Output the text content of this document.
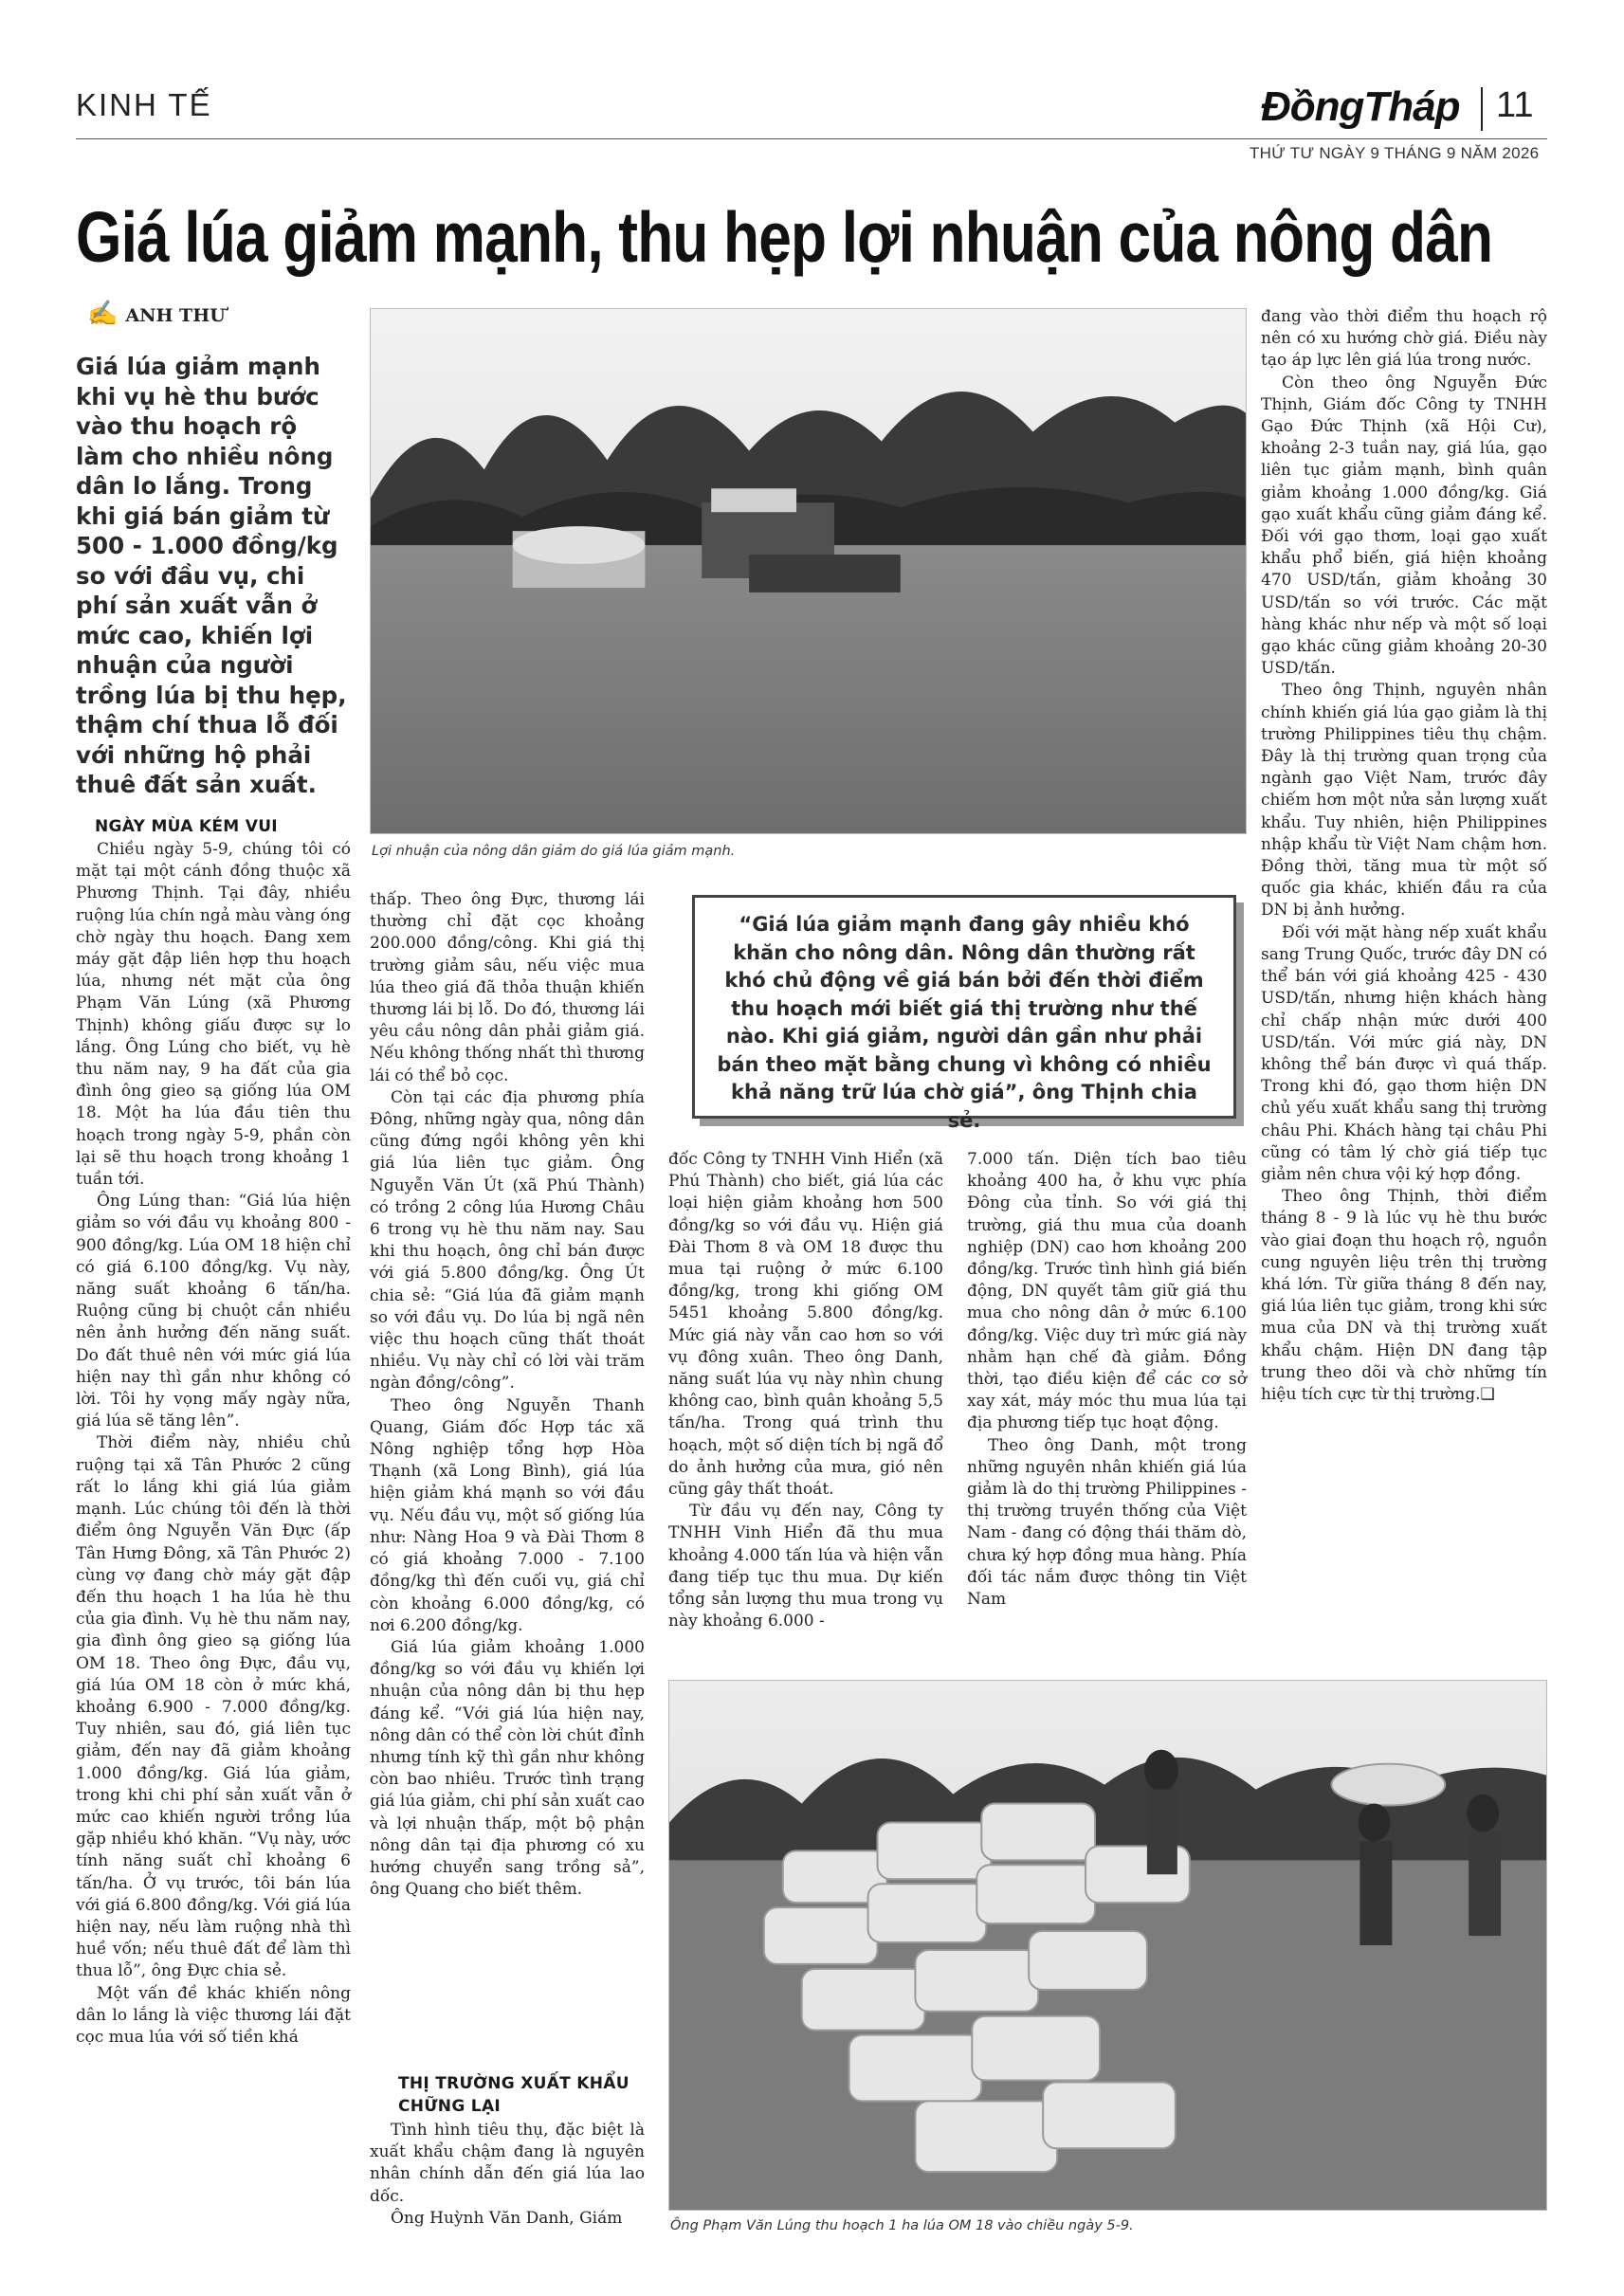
KINH TẾ	ĐồngTháp 11
THỨ TƯ NGÀY 9 THÁNG 9 NĂM 2026
Giá lúa giảm mạnh, thu hẹp lợi nhuận của nông dân
✍ ANH THƯ
Giá lúa giảm mạnh khi vụ hè thu bước vào thu hoạch rộ làm cho nhiều nông dân lo lắng. Trong khi giá bán giảm từ 500 - 1.000 đồng/kg so với đầu vụ, chi phí sản xuất vẫn ở mức cao, khiến lợi nhuận của người trồng lúa bị thu hẹp, thậm chí thua lỗ đối với những hộ phải thuê đất sản xuất.
NGÀY MÙA KÉM VUI

Chiều ngày 5-9, chúng tôi có mặt tại một cánh đồng thuộc xã Phương Thịnh. Tại đây, nhiều ruộng lúa chín ngả màu vàng óng chờ ngày thu hoạch. Đang xem máy gặt đập liên hợp thu hoạch lúa, nhưng nét mặt của ông Phạm Văn Lúng (xã Phương Thịnh) không giấu được sự lo lắng. Ông Lúng cho biết, vụ hè thu năm nay, 9 ha đất của gia đình ông gieo sạ giống lúa OM 18. Một ha lúa đầu tiên thu hoạch trong ngày 5-9, phần còn lại sẽ thu hoạch trong khoảng 1 tuần tới.

Ông Lúng than: “Giá lúa hiện giảm so với đầu vụ khoảng 800 - 900 đồng/kg. Lúa OM 18 hiện chỉ có giá 6.100 đồng/kg. Vụ này, năng suất khoảng 6 tấn/ha. Ruộng cũng bị chuột cắn nhiều nên ảnh hưởng đến năng suất. Do đất thuê nên với mức giá lúa hiện nay thì gần như không có lời. Tôi hy vọng mấy ngày nữa, giá lúa sẽ tăng lên”.

Thời điểm này, nhiều chủ ruộng tại xã Tân Phước 2 cũng rất lo lắng khi giá lúa giảm mạnh. Lúc chúng tôi đến là thời điểm ông Nguyễn Văn Đực (ấp Tân Hưng Đông, xã Tân Phước 2) cùng vợ đang chờ máy gặt đập đến thu hoạch 1 ha lúa hè thu của gia đình. Vụ hè thu năm nay, gia đình ông gieo sạ giống lúa OM 18. Theo ông Đực, đầu vụ, giá lúa OM 18 còn ở mức khá, khoảng 6.900 - 7.000 đồng/kg. Tuy nhiên, sau đó, giá liên tục giảm, đến nay đã giảm khoảng 1.000 đồng/kg. Giá lúa giảm, trong khi chi phí sản xuất vẫn ở mức cao khiến người trồng lúa gặp nhiều khó khăn. “Vụ này, ước tính năng suất chỉ khoảng 6 tấn/ha. Ở vụ trước, tôi bán lúa với giá 6.800 đồng/kg. Với giá lúa hiện nay, nếu làm ruộng nhà thì huề vốn; nếu thuê đất để làm thì thua lỗ”, ông Đực chia sẻ.

Một vấn đề khác khiến nông dân lo lắng là việc thương lái đặt cọc mua lúa với số tiền khá

Lợi nhuận của nông dân giảm do giá lúa giảm mạnh.

thấp. Theo ông Đực, thương lái thường chỉ đặt cọc khoảng 200.000 đồng/công. Khi giá thị trường giảm sâu, nếu việc mua lúa theo giá đã thỏa thuận khiến thương lái bị lỗ. Do đó, thương lái yêu cầu nông dân phải giảm giá. Nếu không thống nhất thì thương lái có thể bỏ cọc.

Còn tại các địa phương phía Đông, những ngày qua, nông dân cũng đứng ngồi không yên khi giá lúa liên tục giảm. Ông Nguyễn Văn Út (xã Phú Thành) có trồng 2 công lúa Hương Châu 6 trong vụ hè thu năm nay. Sau khi thu hoạch, ông chỉ bán được với giá 5.800 đồng/kg. Ông Út chia sẻ: “Giá lúa đã giảm mạnh so với đầu vụ. Do lúa bị ngã nên việc thu hoạch cũng thất thoát nhiều. Vụ này chỉ có lời vài trăm ngàn đồng/công”.

Theo ông Nguyễn Thanh Quang, Giám đốc Hợp tác xã Nông nghiệp tổng hợp Hòa Thạnh (xã Long Bình), giá lúa hiện giảm khá mạnh so với đầu vụ. Nếu đầu vụ, một số giống lúa như: Nàng Hoa 9 và Đài Thơm 8 có giá khoảng 7.000 - 7.100 đồng/kg thì đến cuối vụ, giá chỉ còn khoảng 6.000 đồng/kg, có nơi 6.200 đồng/kg.

Giá lúa giảm khoảng 1.000 đồng/kg so với đầu vụ khiến lợi nhuận của nông dân bị thu hẹp đáng kể. “Với giá lúa hiện nay, nông dân có thể còn lời chút đỉnh nhưng tính kỹ thì gần như không còn bao nhiêu. Trước tình trạng giá lúa giảm, chi phí sản xuất cao và lợi nhuận thấp, một bộ phận nông dân tại địa phương có xu hướng chuyển sang trồng sả”, ông Quang cho biết thêm.

THỊ TRƯỜNG XUẤT KHẨU CHỮNG LẠI

Tình hình tiêu thụ, đặc biệt là xuất khẩu chậm đang là nguyên nhân chính dẫn đến giá lúa lao dốc.

Ông Huỳnh Văn Danh, Giám

“Giá lúa giảm mạnh đang gây nhiều khó khăn cho nông dân. Nông dân thường rất khó chủ động về giá bán bởi đến thời điểm thu hoạch mới biết giá thị trường như thế nào. Khi giá giảm, người dân gần như phải bán theo mặt bằng chung vì không có nhiều khả năng trữ lúa chờ giá”, ông Thịnh chia sẻ.

đốc Công ty TNHH Vinh Hiển (xã Phú Thành) cho biết, giá lúa các loại hiện giảm khoảng hơn 500 đồng/kg so với đầu vụ. Hiện giá Đài Thơm 8 và OM 18 được thu mua tại ruộng ở mức 6.100 đồng/kg, trong khi giống OM 5451 khoảng 5.800 đồng/kg. Mức giá này vẫn cao hơn so với vụ đông xuân. Theo ông Danh, năng suất lúa vụ này nhìn chung không cao, bình quân khoảng 5,5 tấn/ha. Trong quá trình thu hoạch, một số diện tích bị ngã đổ do ảnh hưởng của mưa, gió nên cũng gây thất thoát.

Từ đầu vụ đến nay, Công ty TNHH Vinh Hiển đã thu mua khoảng 4.000 tấn lúa và hiện vẫn đang tiếp tục thu mua. Dự kiến tổng sản lượng thu mua trong vụ này khoảng 6.000 -

7.000 tấn. Diện tích bao tiêu khoảng 400 ha, ở khu vực phía Đông của tỉnh. So với giá thị trường, giá thu mua của doanh nghiệp (DN) cao hơn khoảng 200 đồng/kg. Trước tình hình giá biến động, DN quyết tâm giữ giá thu mua cho nông dân ở mức 6.100 đồng/kg. Việc duy trì mức giá này nhằm hạn chế đà giảm. Đồng thời, tạo điều kiện để các cơ sở xay xát, máy móc thu mua lúa tại địa phương tiếp tục hoạt động.

Theo ông Danh, một trong những nguyên nhân khiến giá lúa giảm là do thị trường Philippines - thị trường truyền thống của Việt Nam - đang có động thái thăm dò, chưa ký hợp đồng mua hàng. Phía đối tác nắm được thông tin Việt Nam

đang vào thời điểm thu hoạch rộ nên có xu hướng chờ giá. Điều này tạo áp lực lên giá lúa trong nước.

Còn theo ông Nguyễn Đức Thịnh, Giám đốc Công ty TNHH Gạo Đức Thịnh (xã Hội Cư), khoảng 2-3 tuần nay, giá lúa, gạo liên tục giảm mạnh, bình quân giảm khoảng 1.000 đồng/kg. Giá gạo xuất khẩu cũng giảm đáng kể. Đối với gạo thơm, loại gạo xuất khẩu phổ biến, giá hiện khoảng 470 USD/tấn, giảm khoảng 30 USD/tấn so với trước. Các mặt hàng khác như nếp và một số loại gạo khác cũng giảm khoảng 20-30 USD/tấn.

Theo ông Thịnh, nguyên nhân chính khiến giá lúa gạo giảm là thị trường Philippines tiêu thụ chậm. Đây là thị trường quan trọng của ngành gạo Việt Nam, trước đây chiếm hơn một nửa sản lượng xuất khẩu. Tuy nhiên, hiện Philippines nhập khẩu từ Việt Nam chậm hơn. Đồng thời, tăng mua từ một số quốc gia khác, khiến đầu ra của DN bị ảnh hưởng.

Đối với mặt hàng nếp xuất khẩu sang Trung Quốc, trước đây DN có thể bán với giá khoảng 425 - 430 USD/tấn, nhưng hiện khách hàng chỉ chấp nhận mức dưới 400 USD/tấn. Với mức giá này, DN không thể bán được vì quá thấp. Trong khi đó, gạo thơm hiện DN chủ yếu xuất khẩu sang thị trường châu Phi. Khách hàng tại châu Phi cũng có tâm lý chờ giá tiếp tục giảm nên chưa vội ký hợp đồng.

Theo ông Thịnh, thời điểm tháng 8 - 9 là lúc vụ hè thu bước vào giai đoạn thu hoạch rộ, nguồn cung nguyên liệu trên thị trường khá lớn. Từ giữa tháng 8 đến nay, giá lúa liên tục giảm, trong khi sức mua của DN và thị trường xuất khẩu chậm. Hiện DN đang tập trung theo dõi và chờ những tín hiệu tích cực từ thị trường.❑

Ông Phạm Văn Lúng thu hoạch 1 ha lúa OM 18 vào chiều ngày 5-9.
